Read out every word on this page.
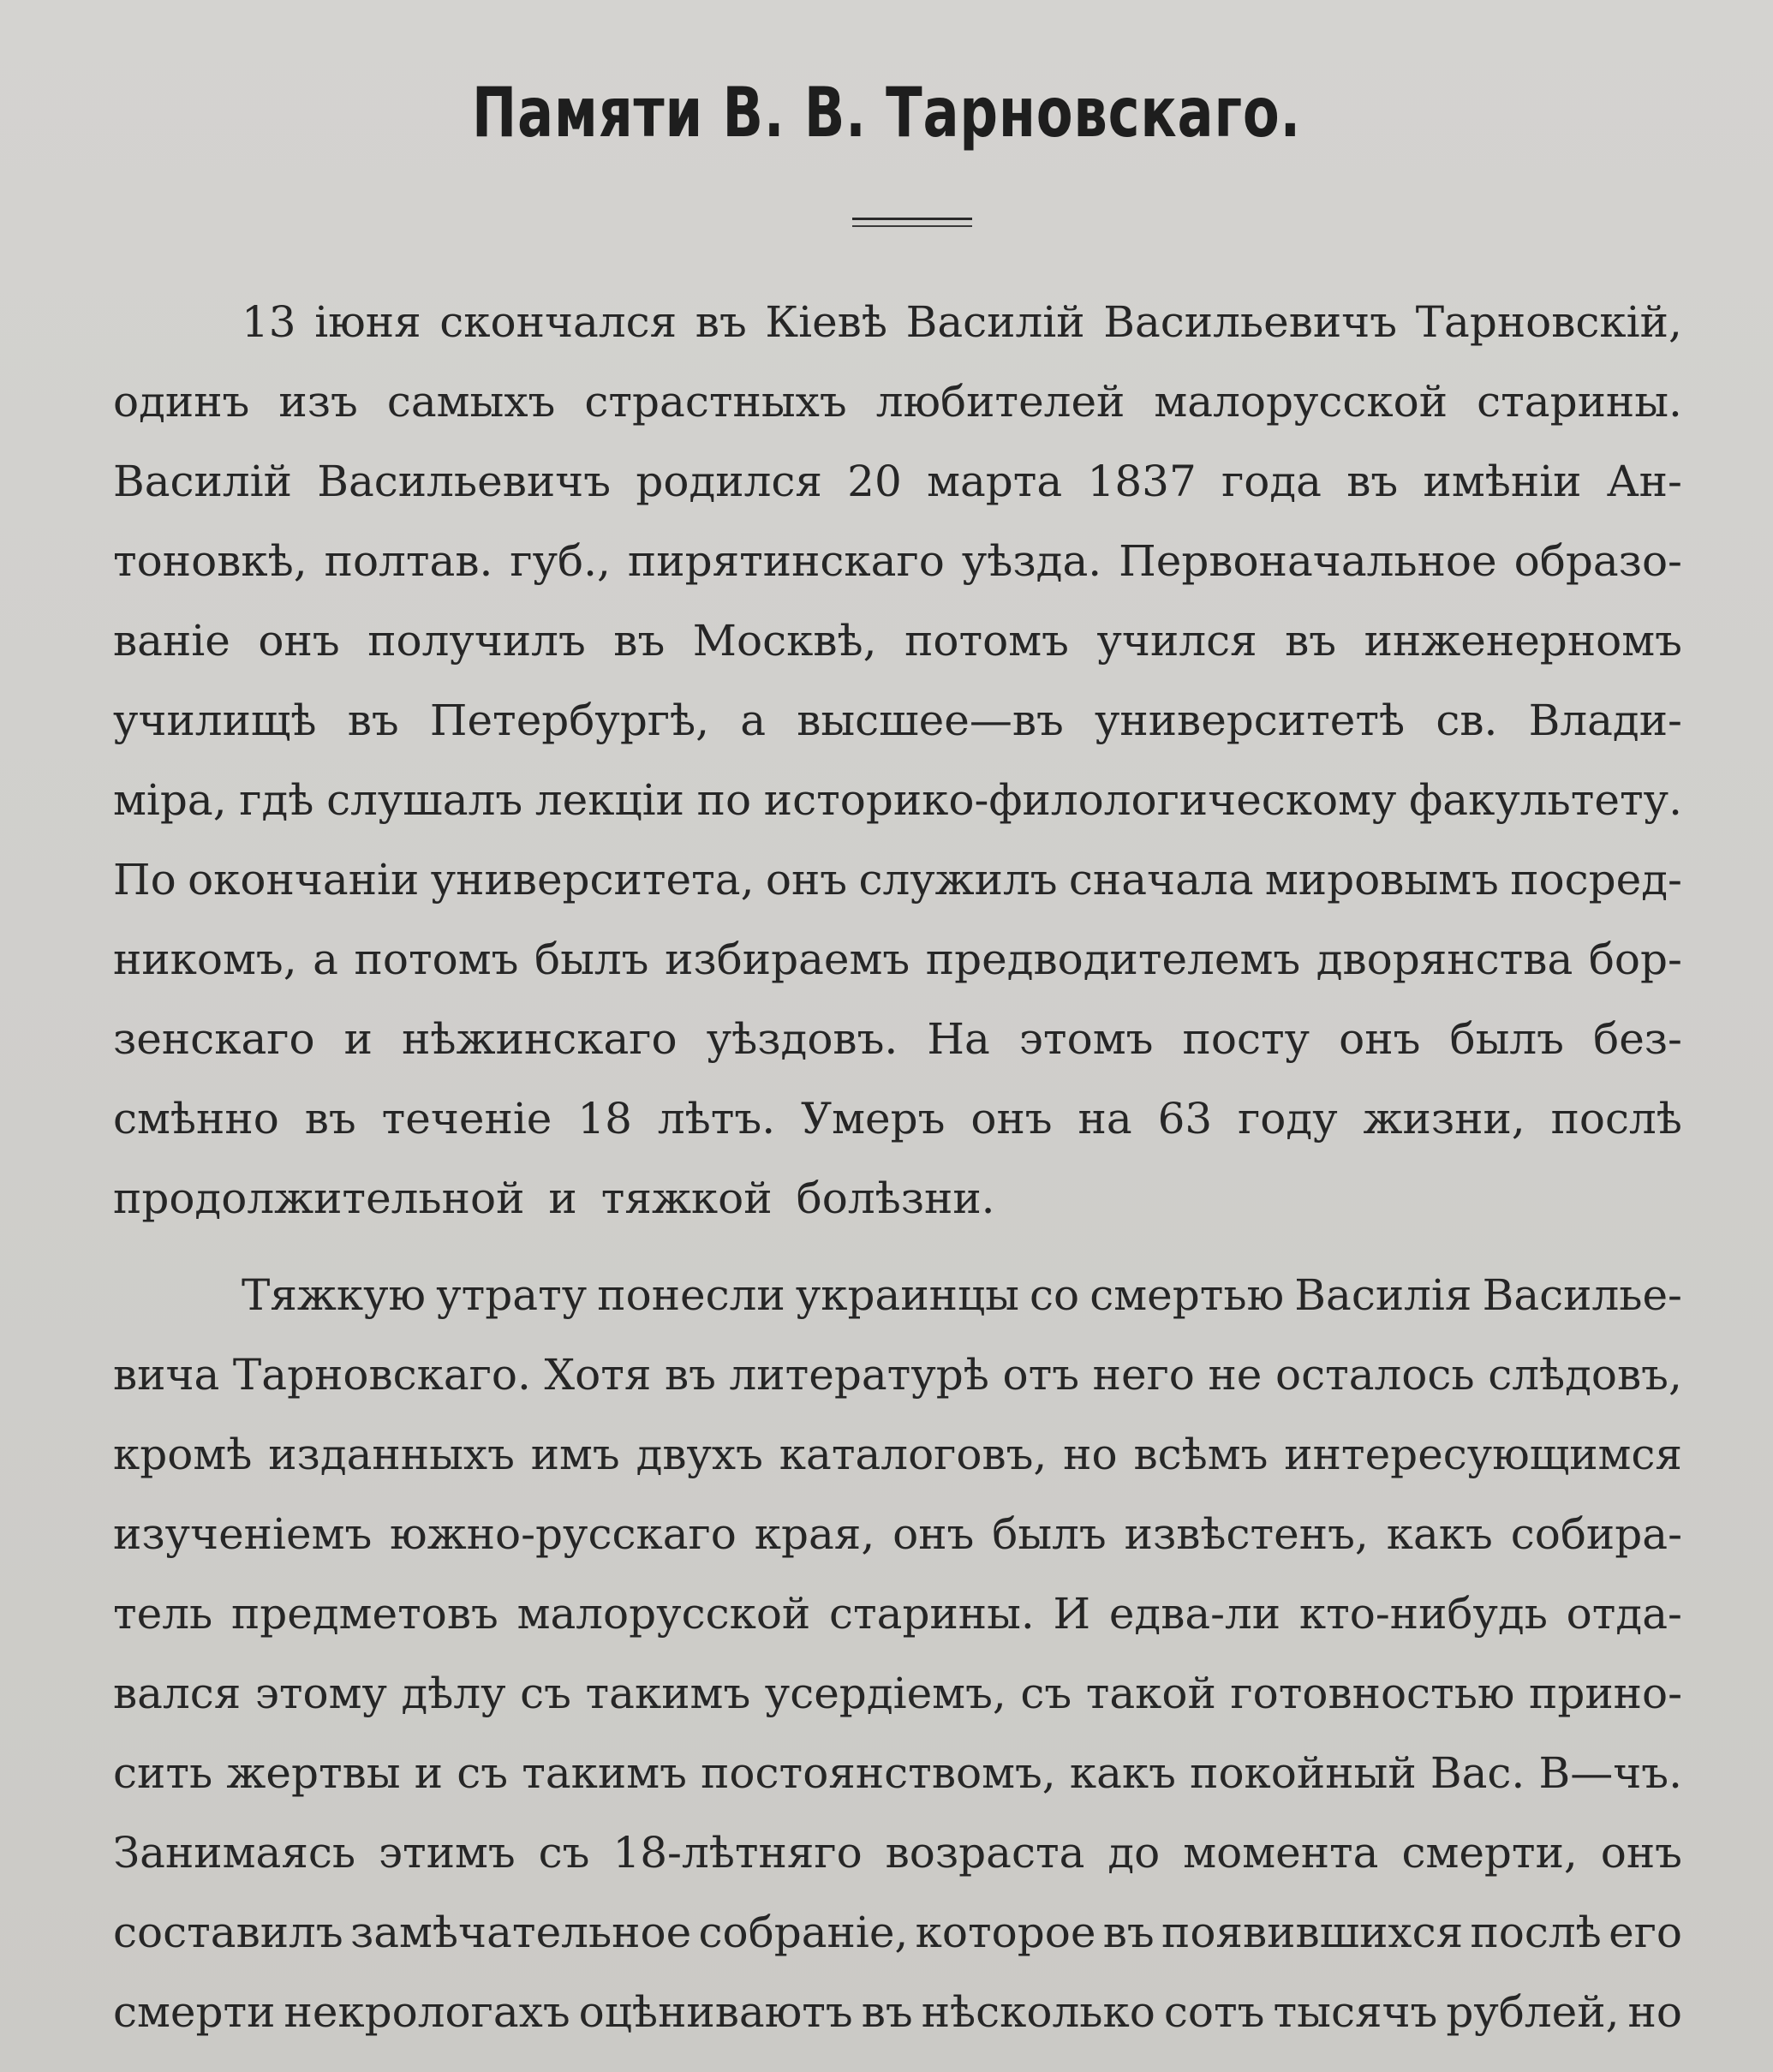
Памяти В. В. Тарновскаго.
13 іюня скончался въ Кіевѣ Василій Васильевичъ Тарновскій,
одинъ изъ самыхъ страстныхъ любителей малорусской старины.
Василій Васильевичъ родился 20 марта 1837 года въ имѣніи Ан-
тоновкѣ, полтав. губ., пирятинскаго уѣзда. Первоначальное образо-
ваніе онъ получилъ въ Москвѣ, потомъ учился въ инженерномъ
училищѣ въ Петербургѣ, а высшее—въ университетѣ св. Влади-
міра, гдѣ слушалъ лекціи по историко-филологическому факультету.
По окончаніи университета, онъ служилъ сначала мировымъ посред-
никомъ, а потомъ былъ избираемъ предводителемъ дворянства бор-
зенскаго и нѣжинскаго уѣздовъ. На этомъ посту онъ былъ без-
смѣнно въ теченіе 18 лѣтъ. Умеръ онъ на 63 году жизни, послѣ
продолжительной и тяжкой болѣзни.
Тяжкую утрату понесли украинцы со смертью Василія Василье-
вича Тарновскаго. Хотя въ литературѣ отъ него не осталось слѣдовъ,
кромѣ изданныхъ имъ двухъ каталоговъ, но всѣмъ интересующимся
изученіемъ южно-русскаго края, онъ былъ извѣстенъ, какъ собира-
тель предметовъ малорусской старины. И едва-ли кто-нибудь отда-
вался этому дѣлу съ такимъ усердіемъ, съ такой готовностью прино-
сить жертвы и съ такимъ постоянствомъ, какъ покойный Вас. В—чъ.
Занимаясь этимъ съ 18-лѣтняго возраста до момента смерти, онъ
составилъ замѣчательное собраніе, которое въ появившихся послѣ его
смерти некрологахъ оцѣниваютъ въ нѣсколько сотъ тысячъ рублей, но
